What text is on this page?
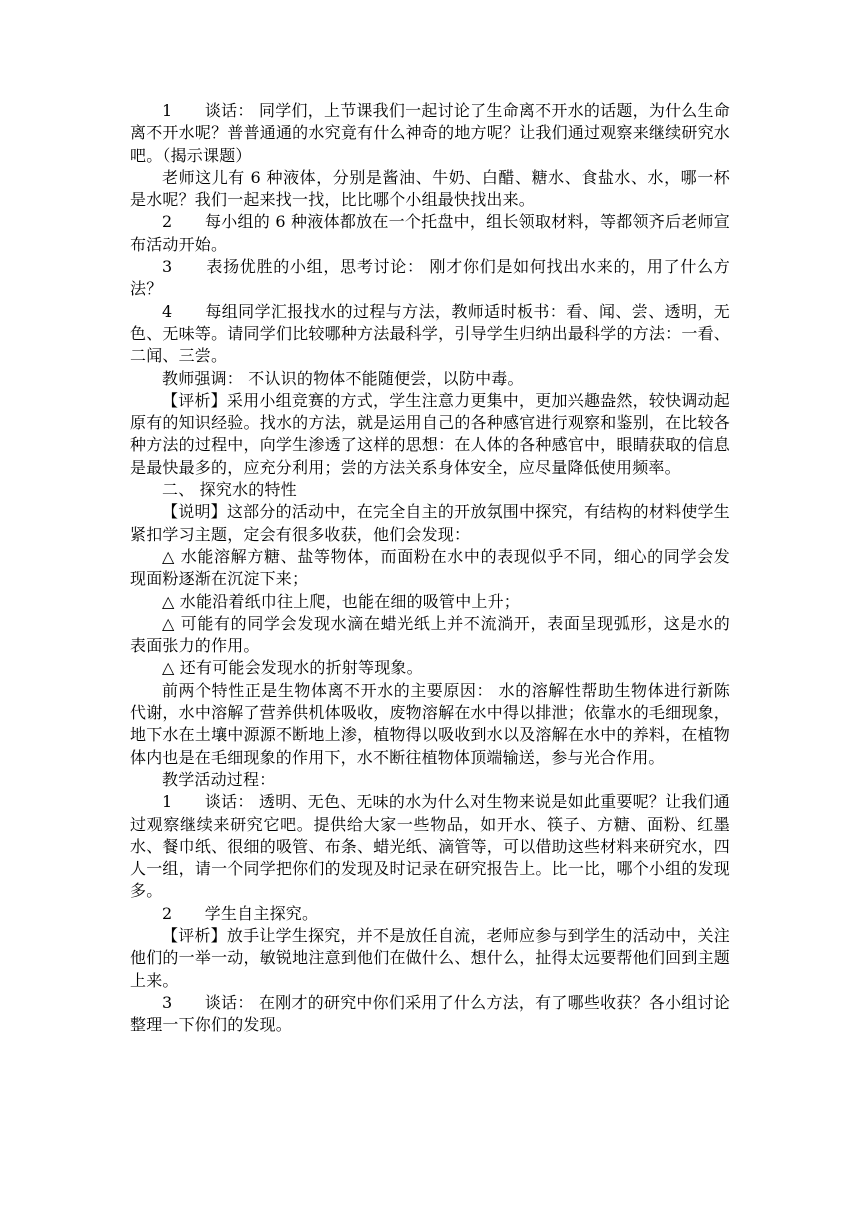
1　　谈话： 同学们，上节课我们一起讨论了生命离不开水的话题，为什么生命离不开水呢？普普通通的水究竟有什么神奇的地方呢？让我们通过观察来继续研究水吧。（揭示课题）

老师这儿有 6 种液体，分别是酱油、牛奶、白醋、糖水、食盐水、水，哪一杯是水呢？我们一起来找一找，比比哪个小组最快找出来。

2　　每小组的 6 种液体都放在一个托盘中，组长领取材料，等都领齐后老师宣布活动开始。

3　　表扬优胜的小组，思考讨论： 刚才你们是如何找出水来的，用了什么方法？

4　　每组同学汇报找水的过程与方法，教师适时板书：看、闻、尝、透明，无色、无味等。请同学们比较哪种方法最科学，引导学生归纳出最科学的方法：一看、二闻、三尝。

教师强调： 不认识的物体不能随便尝，以防中毒。

【评析】采用小组竞赛的方式，学生注意力更集中，更加兴趣盎然，较快调动起原有的知识经验。找水的方法，就是运用自己的各种感官进行观察和鉴别，在比较各种方法的过程中，向学生渗透了这样的思想：在人体的各种感官中，眼睛获取的信息是最快最多的，应充分利用；尝的方法关系身体安全，应尽量降低使用频率。

二、 探究水的特性

【说明】这部分的活动中，在完全自主的开放氛围中探究，有结构的材料使学生紧扣学习主题，定会有很多收获，他们会发现：

△ 水能溶解方糖、盐等物体，而面粉在水中的表现似乎不同，细心的同学会发现面粉逐渐在沉淀下来；

△ 水能沿着纸巾往上爬，也能在细的吸管中上升；

△ 可能有的同学会发现水滴在蜡光纸上并不流淌开，表面呈现弧形，这是水的表面张力的作用。

△ 还有可能会发现水的折射等现象。

前两个特性正是生物体离不开水的主要原因： 水的溶解性帮助生物体进行新陈代谢，水中溶解了营养供机体吸收，废物溶解在水中得以排泄；依靠水的毛细现象，地下水在土壤中源源不断地上渗，植物得以吸收到水以及溶解在水中的养料，在植物体内也是在毛细现象的作用下，水不断往植物体顶端输送，参与光合作用。

教学活动过程：

1　　谈话： 透明、无色、无味的水为什么对生物来说是如此重要呢？让我们通过观察继续来研究它吧。提供给大家一些物品，如开水、筷子、方糖、面粉、红墨水、餐巾纸、很细的吸管、布条、蜡光纸、滴管等，可以借助这些材料来研究水，四人一组，请一个同学把你们的发现及时记录在研究报告上。比一比，哪个小组的发现多。

2　　学生自主探究。

【评析】放手让学生探究，并不是放任自流，老师应参与到学生的活动中，关注他们的一举一动，敏锐地注意到他们在做什么、想什么，扯得太远要帮他们回到主题上来。

3　　谈话： 在刚才的研究中你们采用了什么方法，有了哪些收获？各小组讨论整理一下你们的发现。
